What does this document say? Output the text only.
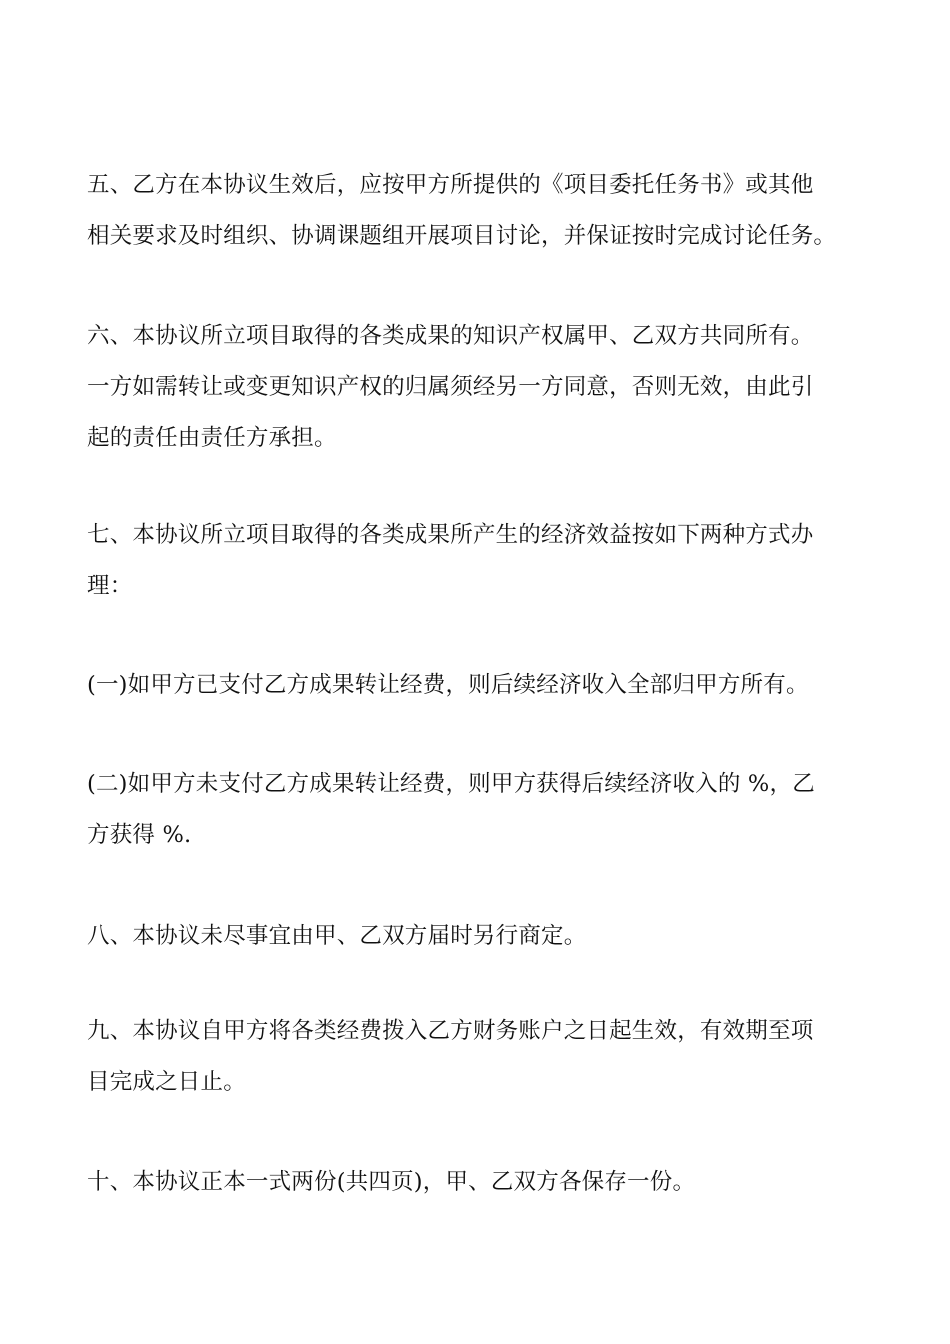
五、乙方在本协议生效后，应按甲方所提供的《项目委托任务书》或其他
相关要求及时组织、协调课题组开展项目讨论，并保证按时完成讨论任务。
六、本协议所立项目取得的各类成果的知识产权属甲、乙双方共同所有。
一方如需转让或变更知识产权的归属须经另一方同意，否则无效，由此引
起的责任由责任方承担。
七、本协议所立项目取得的各类成果所产生的经济效益按如下两种方式办
理：
(一)如甲方已支付乙方成果转让经费，则后续经济收入全部归甲方所有。
(二)如甲方未支付乙方成果转让经费，则甲方获得后续经济收入的 %，乙
方获得 %.
八、本协议未尽事宜由甲、乙双方届时另行商定。
九、本协议自甲方将各类经费拨入乙方财务账户之日起生效，有效期至项
目完成之日止。
十、本协议正本一式两份(共四页)，甲、乙双方各保存一份。
